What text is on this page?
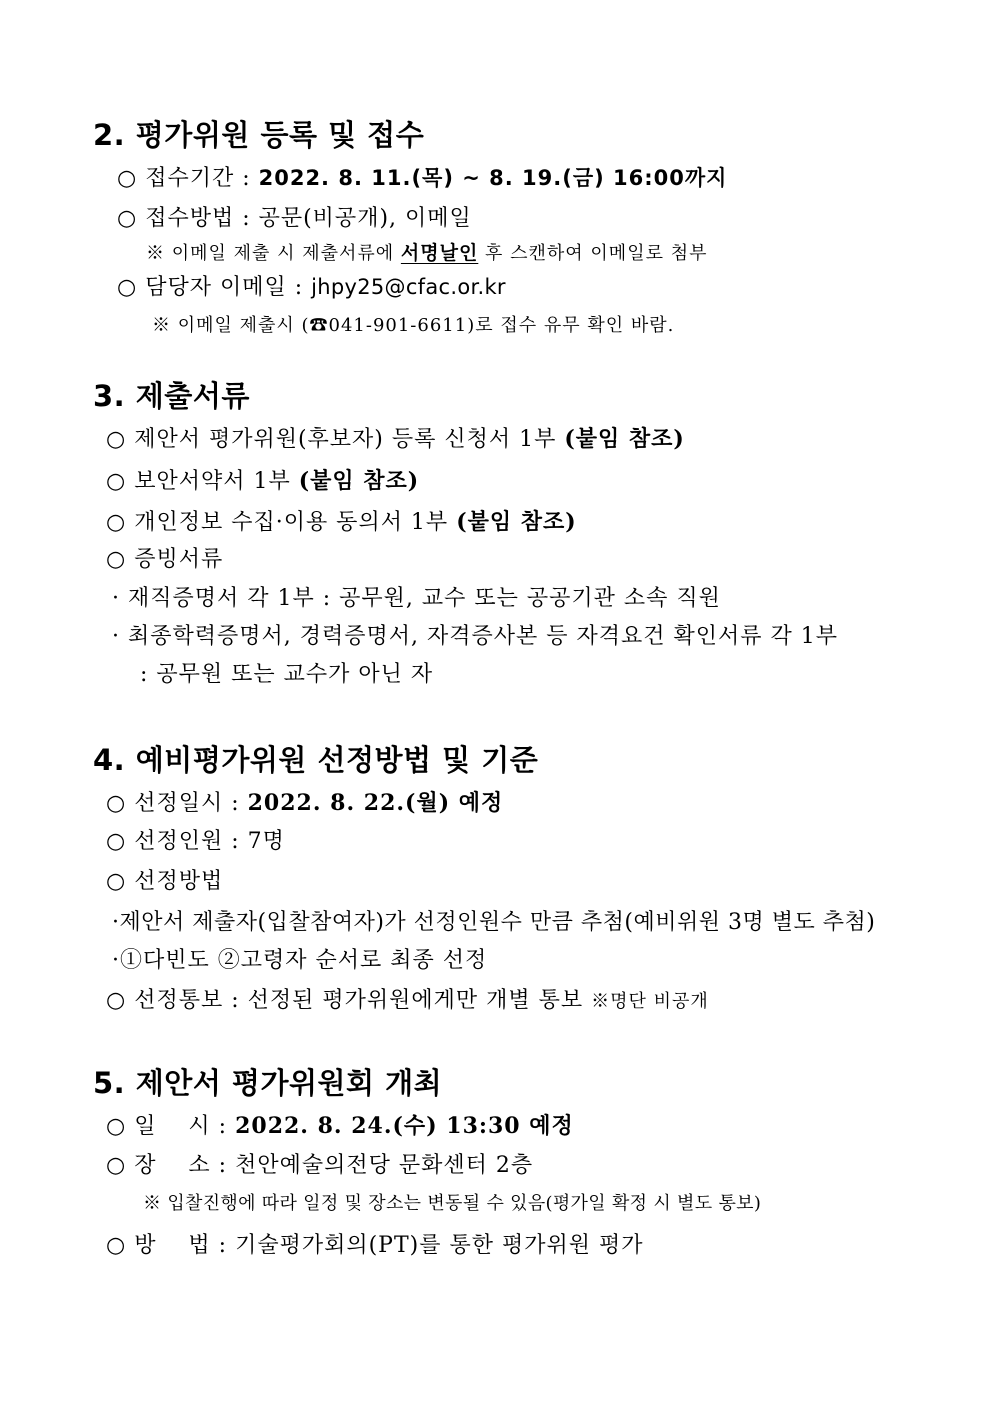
2. 평가위원 등록 및 접수
○ 접수기간 : 2022. 8. 11.(목) ~ 8. 19.(금) 16:00까지
○ 접수방법 : 공문(비공개), 이메일
※ 이메일 제출 시 제출서류에 서명날인 후 스캔하여 이메일로 첨부
○ 담당자 이메일 : jhpy25@cfac.or.kr
※ 이메일 제출시 (☎041-901-6611)로 접수 유무 확인 바람.
3. 제출서류
○ 제안서 평가위원(후보자) 등록 신청서 1부 (붙임 참조)
○ 보안서약서 1부 (붙임 참조)
○ 개인정보 수집·이용 동의서 1부 (붙임 참조)
○ 증빙서류
· 재직증명서 각 1부 : 공무원, 교수 또는 공공기관 소속 직원
· 최종학력증명서, 경력증명서, 자격증사본 등 자격요건 확인서류 각 1부
: 공무원 또는 교수가 아닌 자
4. 예비평가위원 선정방법 및 기준
○ 선정일시 : 2022. 8. 22.(월) 예정
○ 선정인원 : 7명
○ 선정방법
·제안서 제출자(입찰참여자)가 선정인원수 만큼 추첨(예비위원 3명 별도 추첨)
·①다빈도 ②고령자 순서로 최종 선정
○ 선정통보 : 선정된 평가위원에게만 개별 통보 ※명단 비공개
5. 제안서 평가위원회 개최
○ 일    시 : 2022. 8. 24.(수) 13:30 예정
○ 장    소 : 천안예술의전당 문화센터 2층
※ 입찰진행에 따라 일정 및 장소는 변동될 수 있음(평가일 확정 시 별도 통보)
○ 방    법 : 기술평가회의(PT)를 통한 평가위원 평가
